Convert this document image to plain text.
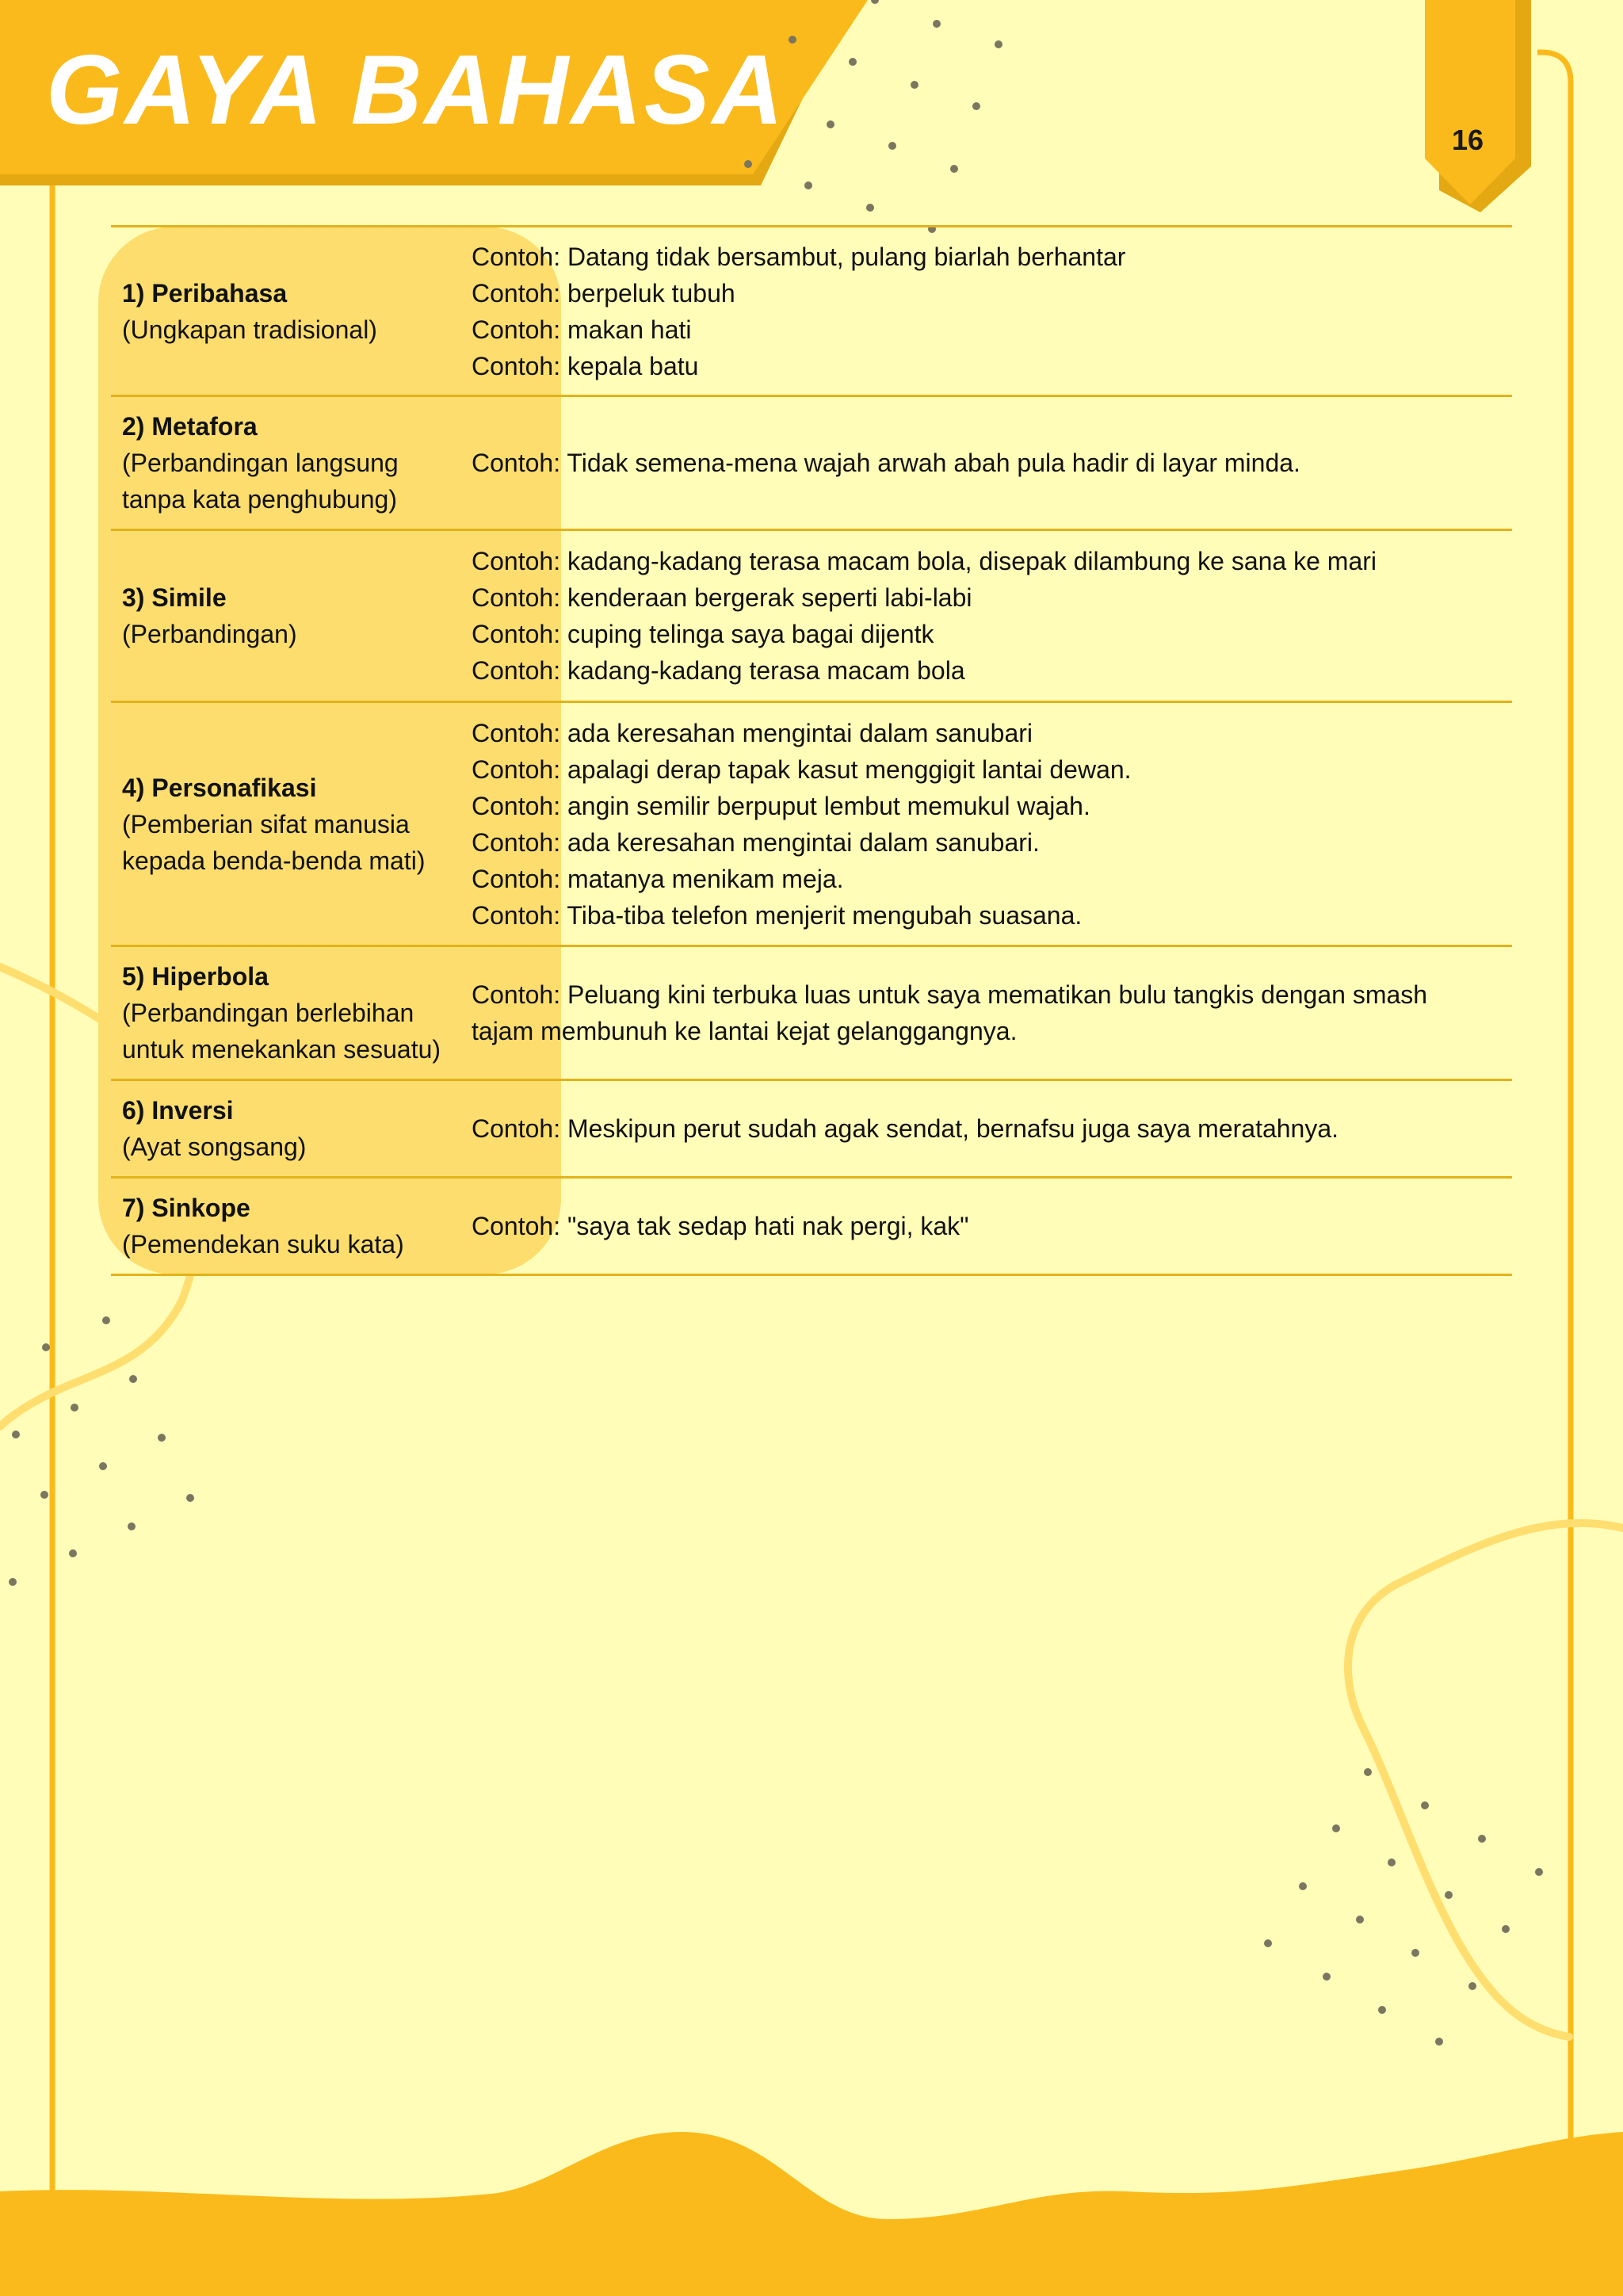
GAYA BAHASA	16
1) Peribahasa
(Ungkapan tradisional)
Contoh: Datang tidak bersambut, pulang biarlah berhantar
Contoh: berpeluk tubuh
Contoh: makan hati
Contoh: kepala batu
2) Metafora
(Perbandingan langsung tanpa kata penghubung)
Contoh: Tidak semena-mena wajah arwah abah pula hadir di layar minda.
3) Simile
(Perbandingan)
Contoh: kadang-kadang terasa macam bola, disepak dilambung ke sana ke mari
Contoh: kenderaan bergerak seperti labi-labi
Contoh: cuping telinga saya bagai dijentk
Contoh: kadang-kadang terasa macam bola
4) Personafikasi
(Pemberian sifat manusia kepada benda-benda mati)
Contoh: ada keresahan mengintai dalam sanubari
Contoh: apalagi derap tapak kasut menggigit lantai dewan.
Contoh: angin semilir berpuput lembut memukul wajah.
Contoh: ada keresahan mengintai dalam sanubari.
Contoh: matanya menikam meja.
Contoh: Tiba-tiba telefon menjerit mengubah suasana.
5) Hiperbola
(Perbandingan berlebihan untuk menekankan sesuatu)
Contoh: Peluang kini terbuka luas untuk saya mematikan bulu tangkis dengan smash tajam membunuh ke lantai kejat gelanggangnya.
6) Inversi
(Ayat songsang)
Contoh: Meskipun perut sudah agak sendat, bernafsu juga saya meratahnya.
7) Sinkope
(Pemendekan suku kata)
Contoh: "saya tak sedap hati nak pergi, kak"
